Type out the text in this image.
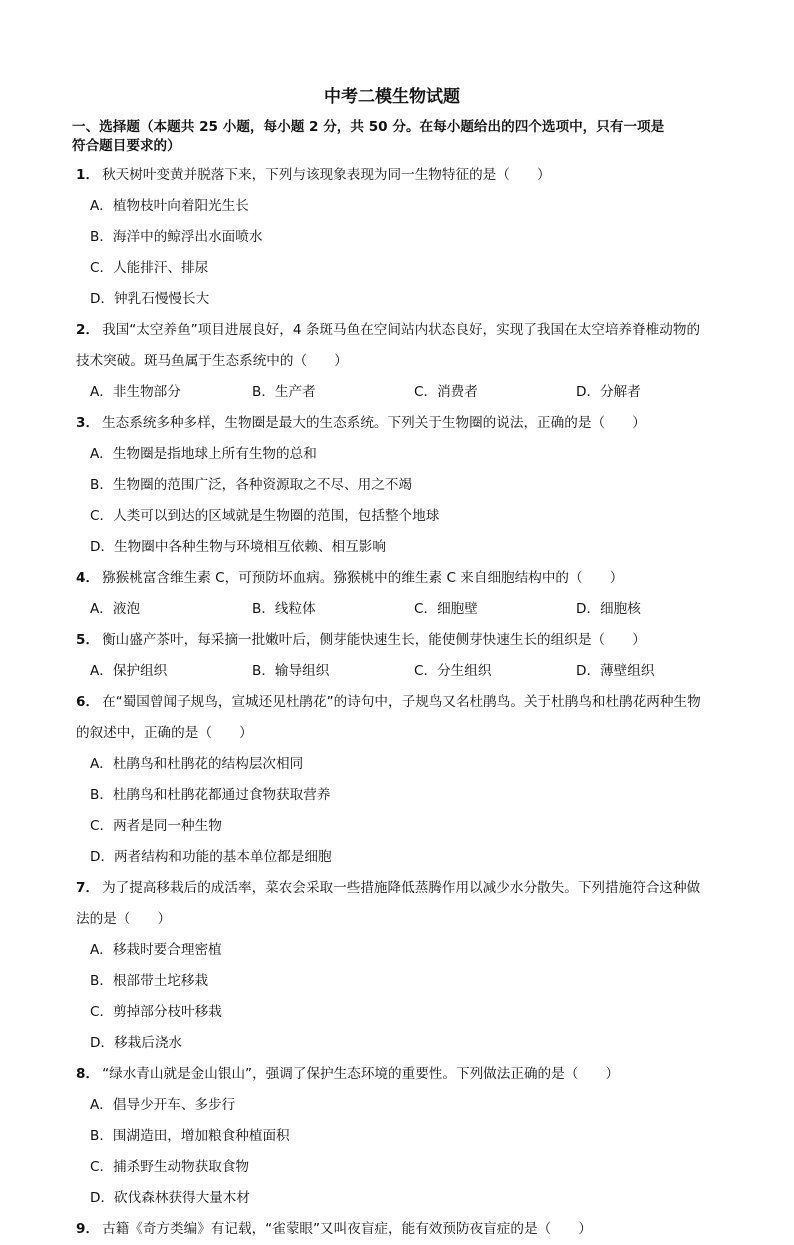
中考二模生物试题
一、选择题（本题共 25 小题，每小题 2 分，共 50 分。在每小题给出的四个选项中，只有一项是
符合题目要求的）
1． 秋天树叶变黄并脱落下来，下列与该现象表现为同一生物特征的是（　　）
A．植物枝叶向着阳光生长
B．海洋中的鲸浮出水面喷水
C．人能排汗、排尿
D．钟乳石慢慢长大
2． 我国“太空养鱼”项目进展良好，4 条斑马鱼在空间站内状态良好，实现了我国在太空培养脊椎动物的
技术突破。斑马鱼属于生态系统中的（　　）
A．非生物部分	B．生产者	C．消费者	D．分解者
3． 生态系统多种多样，生物圈是最大的生态系统。下列关于生物圈的说法，正确的是（　　）
A．生物圈是指地球上所有生物的总和
B．生物圈的范围广泛，各种资源取之不尽、用之不竭
C．人类可以到达的区域就是生物圈的范围，包括整个地球
D．生物圈中各种生物与环境相互依赖、相互影响
4． 猕猴桃富含维生素 C，可预防坏血病。猕猴桃中的维生素 C 来自细胞结构中的（　　）
A．液泡	B．线粒体	C．细胞壁	D．细胞核
5． 衡山盛产茶叶，每采摘一批嫩叶后，侧芽能快速生长，能使侧芽快速生长的组织是（　　）
A．保护组织	B．输导组织	C．分生组织	D．薄壁组织
6． 在“蜀国曾闻子规鸟，宣城还见杜鹃花”的诗句中，子规鸟又名杜鹃鸟。关于杜鹃鸟和杜鹃花两种生物
的叙述中，正确的是（　　）
A．杜鹃鸟和杜鹃花的结构层次相同
B．杜鹃鸟和杜鹃花都通过食物获取营养
C．两者是同一种生物
D．两者结构和功能的基本单位都是细胞
7． 为了提高移栽后的成活率，菜农会采取一些措施降低蒸腾作用以减少水分散失。下列措施符合这种做
法的是（　　）
A．移栽时要合理密植
B．根部带土坨移栽
C．剪掉部分枝叶移栽
D．移栽后浇水
8． “绿水青山就是金山银山”，强调了保护生态环境的重要性。下列做法正确的是（　　）
A．倡导少开车、多步行
B．围湖造田，增加粮食种植面积
C．捕杀野生动物获取食物
D．砍伐森林获得大量木材
9． 古籍《奇方类编》有记载，“雀蒙眼”又叫夜盲症，能有效预防夜盲症的是（　　）
